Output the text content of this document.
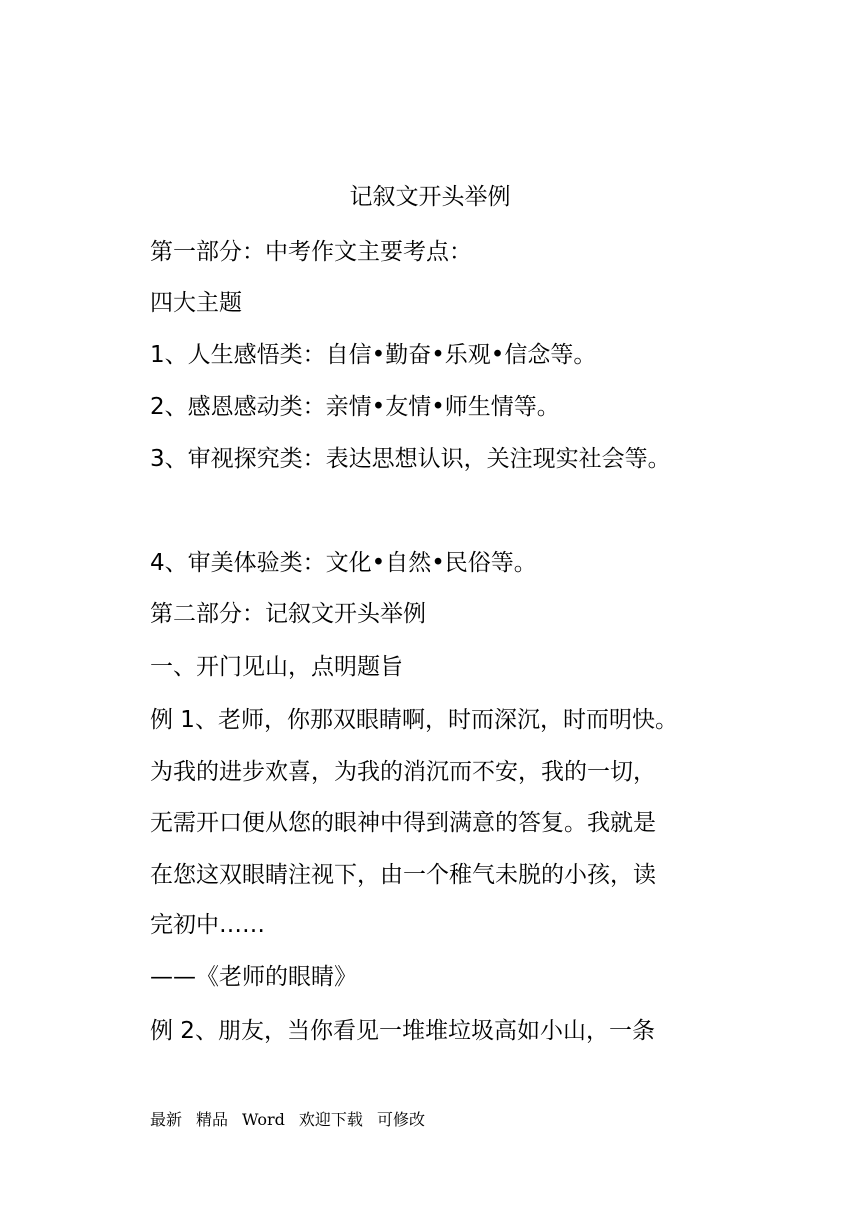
记叙文开头举例
第一部分：中考作文主要考点：
四大主题
1、人生感悟类：自信•勤奋•乐观•信念等。
2、感恩感动类：亲情•友情•师生情等。
3、审视探究类：表达思想认识，关注现实社会等。
4、审美体验类：文化•自然•民俗等。
第二部分：记叙文开头举例
一、开门见山，点明题旨
例 1、老师，你那双眼睛啊，时而深沉，时而明快。
为我的进步欢喜，为我的消沉而不安，我的一切，
无需开口便从您的眼神中得到满意的答复。我就是
在您这双眼睛注视下，由一个稚气未脱的小孩，读
完初中……
——《老师的眼睛》
例 2、朋友，当你看见一堆堆垃圾高如小山，一条
最新 精品 Word 欢迎下载 可修改
